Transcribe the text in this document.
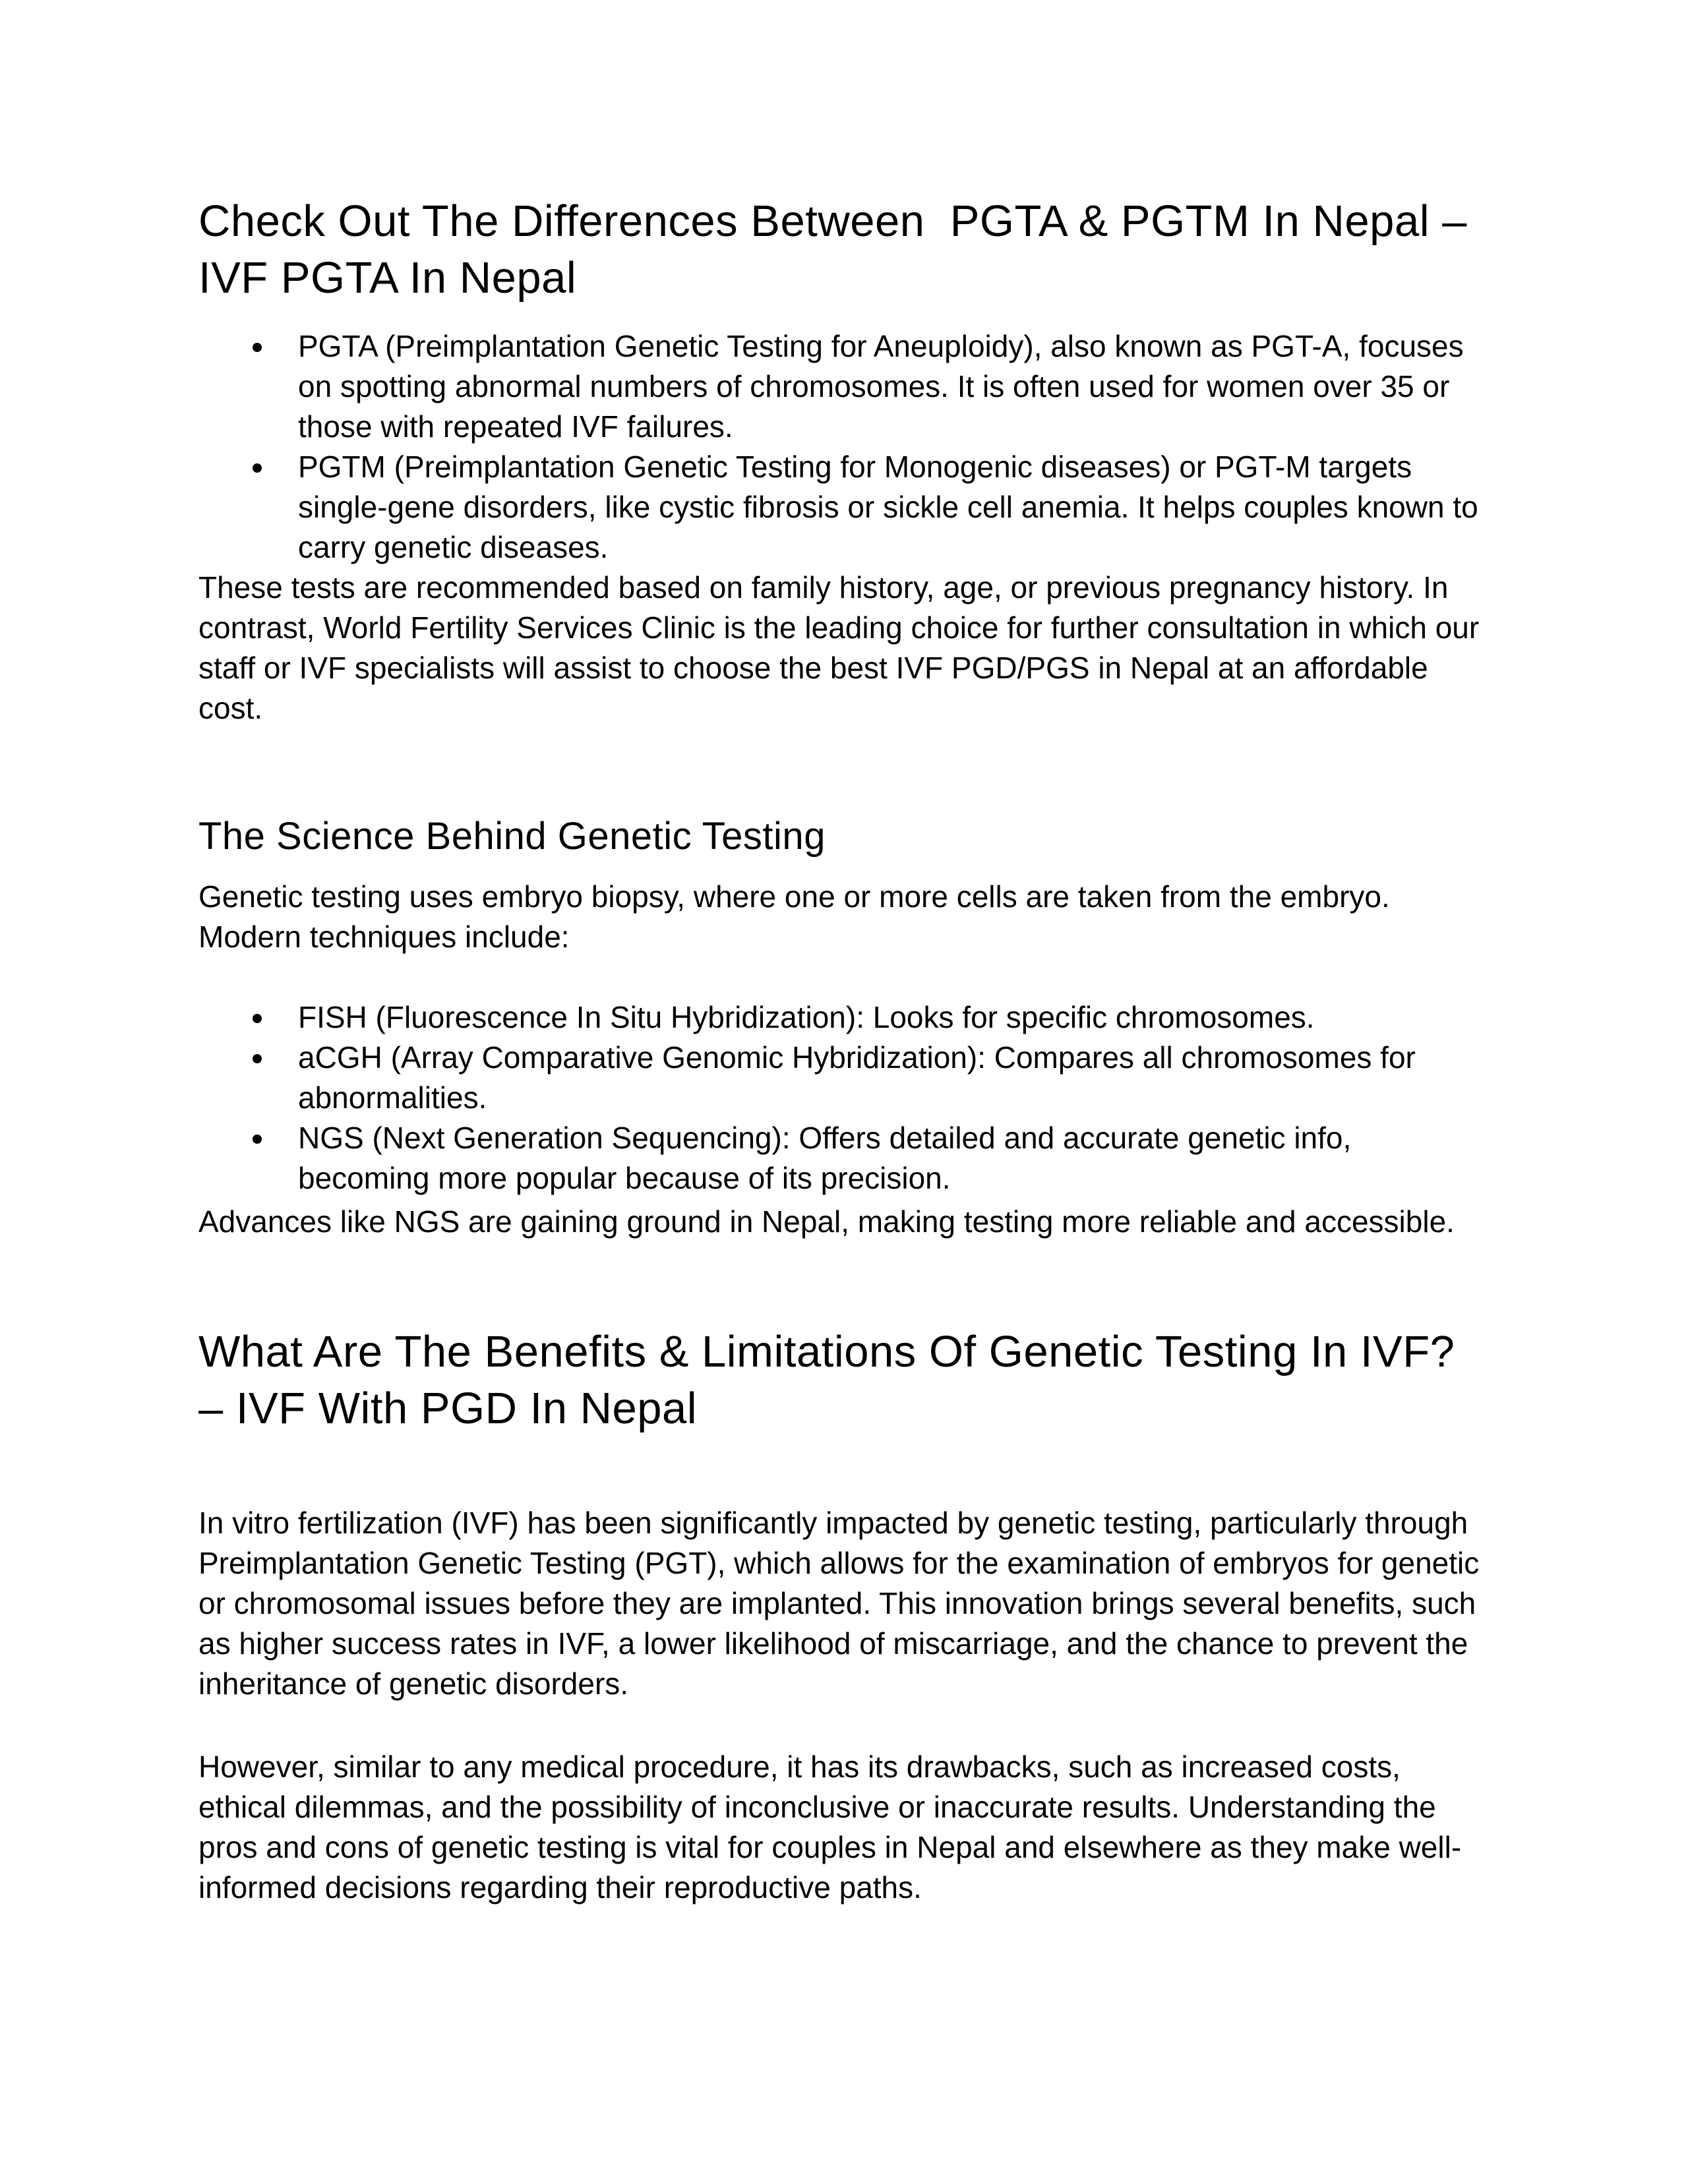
Check Out The Differences Between  PGTA & PGTM In Nepal – IVF PGTA In Nepal
PGTA (Preimplantation Genetic Testing for Aneuploidy), also known as PGT-A, focuses on spotting abnormal numbers of chromosomes. It is often used for women over 35 or those with repeated IVF failures.
PGTM (Preimplantation Genetic Testing for Monogenic diseases) or PGT-M targets single-gene disorders, like cystic fibrosis or sickle cell anemia. It helps couples known to carry genetic diseases.

These tests are recommended based on family history, age, or previous pregnancy history. In contrast, World Fertility Services Clinic is the leading choice for further consultation in which our staff or IVF specialists will assist to choose the best IVF PGD/PGS in Nepal at an affordable cost.

The Science Behind Genetic Testing

Genetic testing uses embryo biopsy, where one or more cells are taken from the embryo. Modern techniques include:

FISH (Fluorescence In Situ Hybridization): Looks for specific chromosomes.
aCGH (Array Comparative Genomic Hybridization): Compares all chromosomes for abnormalities.
NGS (Next Generation Sequencing): Offers detailed and accurate genetic info, becoming more popular because of its precision.

Advances like NGS are gaining ground in Nepal, making testing more reliable and accessible.

What Are The Benefits & Limitations Of Genetic Testing In IVF? – IVF With PGD In Nepal

In vitro fertilization (IVF) has been significantly impacted by genetic testing, particularly through Preimplantation Genetic Testing (PGT), which allows for the examination of embryos for genetic or chromosomal issues before they are implanted. This innovation brings several benefits, such as higher success rates in IVF, a lower likelihood of miscarriage, and the chance to prevent the inheritance of genetic disorders.

However, similar to any medical procedure, it has its drawbacks, such as increased costs, ethical dilemmas, and the possibility of inconclusive or inaccurate results. Understanding the pros and cons of genetic testing is vital for couples in Nepal and elsewhere as they make well-informed decisions regarding their reproductive paths.
